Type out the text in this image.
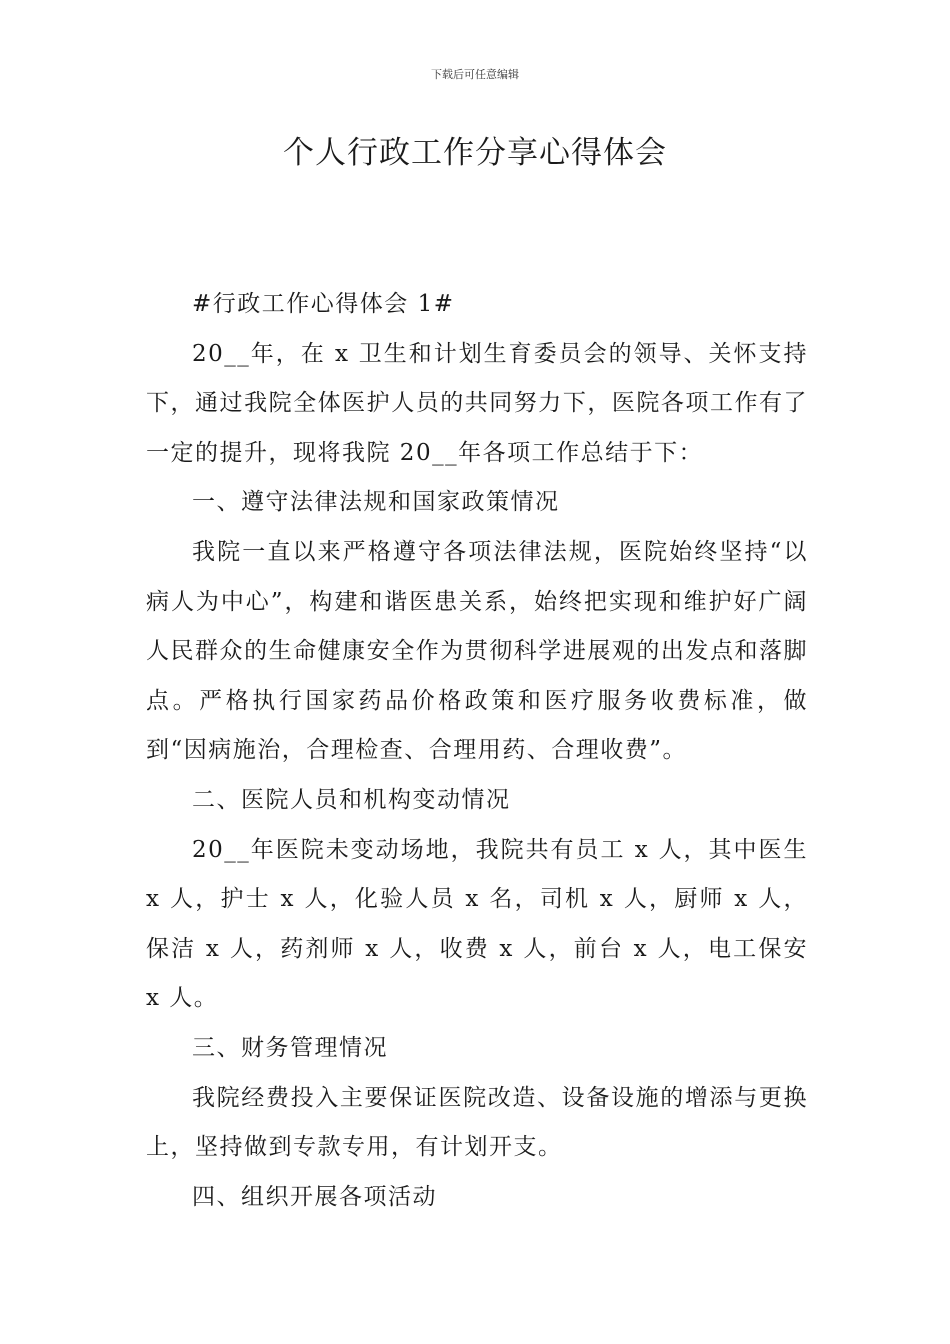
下载后可任意编辑
个人行政工作分享心得体会

#行政工作心得体会 1#

20__年，在 x 卫生和计划生育委员会的领导、关怀支持下，通过我院全体医护人员的共同努力下，医院各项工作有了一定的提升，现将我院 20__年各项工作总结于下：

一、遵守法律法规和国家政策情况

我院一直以来严格遵守各项法律法规，医院始终坚持“以病人为中心”，构建和谐医患关系，始终把实现和维护好广阔人民群众的生命健康安全作为贯彻科学进展观的出发点和落脚点。严格执行国家药品价格政策和医疗服务收费标准，做到“因病施治，合理检查、合理用药、合理收费”。

二、医院人员和机构变动情况

20__年医院未变动场地，我院共有员工 x 人，其中医生 x 人，护士 x 人，化验人员 x 名，司机 x 人，厨师 x 人，保洁 x 人，药剂师 x 人，收费 x 人，前台 x 人，电工保安 x 人。

三、财务管理情况

我院经费投入主要保证医院改造、设备设施的增添与更换上，坚持做到专款专用，有计划开支。

四、组织开展各项活动
